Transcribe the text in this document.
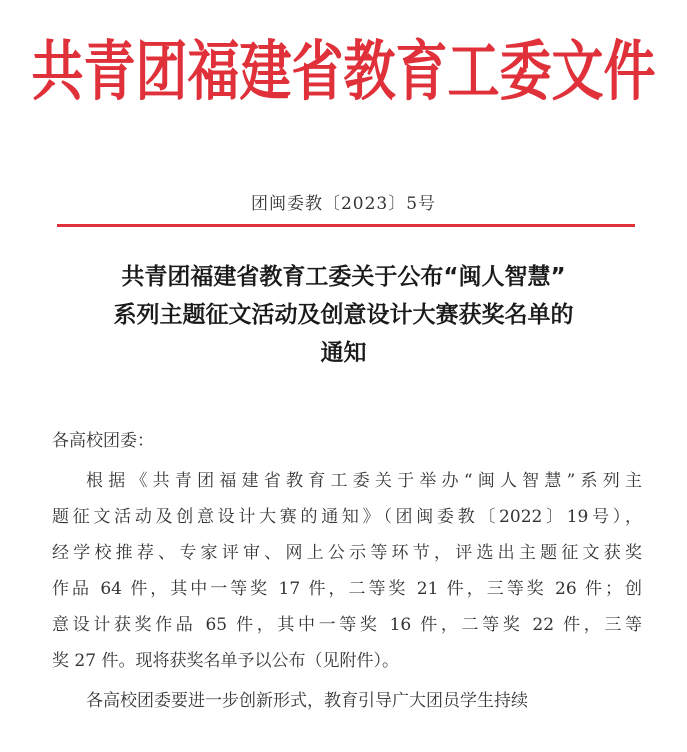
共青团福建省教育工委文件
团闽委教〔2023〕5号
共青团福建省教育工委关于公布“闽人智慧”
系列主题征文活动及创意设计大赛获奖名单的
通知
各高校团委：
根据《共青团福建省教育工委关于举办“闽人智慧”系列主
题征文活动及创意设计大赛的通知》（团闽委教〔2022〕19号），
经学校推荐、专家评审、网上公示等环节，评选出主题征文获奖
作品 64 件，其中一等奖 17 件，二等奖 21 件，三等奖 26 件；创
意设计获奖作品 65 件，其中一等奖 16 件，二等奖 22 件，三等
奖 27 件。现将获奖名单予以公布（见附件）。
各高校团委要进一步创新形式，教育引导广大团员学生持续
